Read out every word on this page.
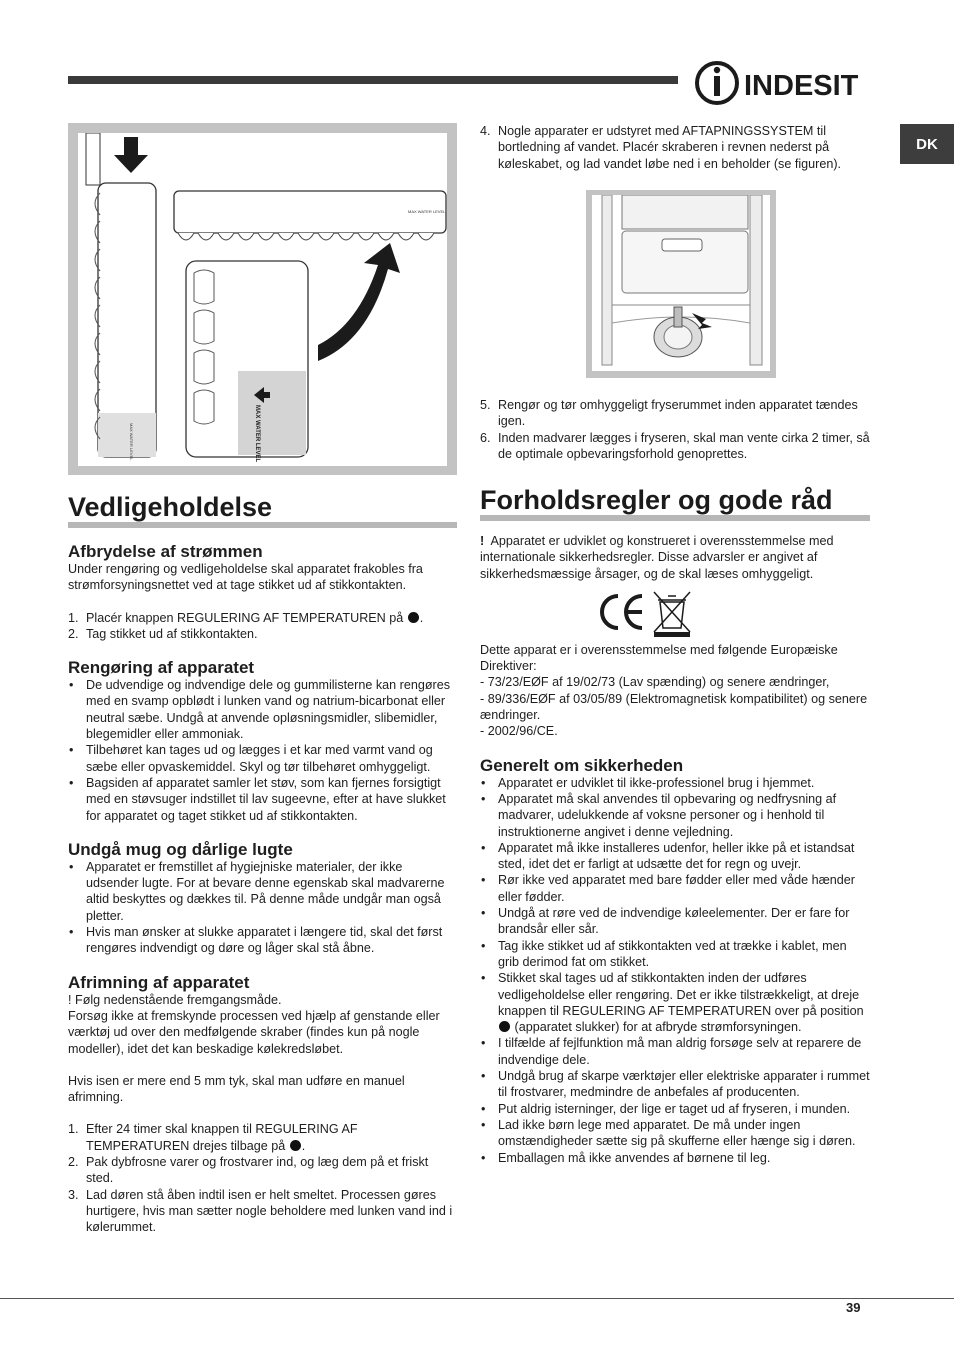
INDESIT
DK
MAX WATER LEVEL
MAX WATER LEVEL
MAX WATER LEVEL
Vedligeholdelse
Afbrydelse af strømmen

Under rengøring og vedligeholdelse skal apparatet frakobles fra strømforsyningsnettet ved at tage stikket ud af stikkontakten.

1. Placér knappen REGULERING AF TEMPERATUREN på .
2. Tag stikket ud af stikkontakten.
Rengøring af apparatet
• De udvendige og indvendige dele og gummilisterne kan rengøres med en svamp opblødt i lunken vand og natrium-bicarbonat eller neutral sæbe. Undgå at anvende opløsningsmidler, slibemidler, blegemidler eller ammoniak.
• Tilbehøret kan tages ud og lægges i et kar med varmt vand og sæbe eller opvaskemiddel. Skyl og tør tilbehøret omhyggeligt.
• Bagsiden af apparatet samler let støv, som kan fjernes forsigtigt med en støvsuger indstillet til lav sugeevne, efter at have slukket for apparatet og taget stikket ud af stikkontakten.
Undgå mug og dårlige lugte
• Apparatet er fremstillet af hygiejniske materialer, der ikke udsender lugte. For at bevare denne egenskab skal madvarerne altid beskyttes og dækkes til. På denne måde undgår man også pletter.
• Hvis man ønsker at slukke apparatet i længere tid, skal det først rengøres indvendigt og døre og låger skal stå åbne.
Afrimning af apparatet

! Følg nedenstående fremgangsmåde.

Forsøg ikke at fremskynde processen ved hjælp af genstande eller værktøj ud over den medfølgende skraber (findes kun på nogle modeller), idet det kan beskadige kølekredsløbet.

Hvis isen er mere end 5 mm tyk, skal man udføre en manuel afrimning.

1. Efter 24 timer skal knappen til REGULERING AF TEMPERATUREN drejes tilbage på .
2. Pak dybfrosne varer og frostvarer ind, og læg dem på et friskt sted.
3. Lad døren stå åben indtil isen er helt smeltet. Processen gøres hurtigere, hvis man sætter nogle beholdere med lunken vand ind i kølerummet.
4. Nogle apparater er udstyret med AFTAPNINGSSYSTEM til bortledning af vandet. Placér skraberen i revnen nederst på køleskabet, og lad vandet løbe ned i en beholder (se figuren).
5. Rengør og tør omhyggeligt fryserummet inden apparatet tændes igen.
6. Inden madvarer lægges i fryseren, skal man vente cirka 2 timer, så de optimale opbevaringsforhold genoprettes.
Forholdsregler og gode råd

! Apparatet er udviklet og konstrueret i overensstemmelse med internationale sikkerhedsregler. Disse advarsler er angivet af sikkerhedsmæssige årsager, og de skal læses omhyggeligt.

Dette apparat er i overensstemmelse med følgende Europæiske Direktiver:

- 73/23/EØF af 19/02/73 (Lav spænding) og senere ændringer,

- 89/336/EØF af 03/05/89 (Elektromagnetisk kompatibilitet) og senere ændringer.

- 2002/96/CE.

Generelt om sikkerheden
• Apparatet er udviklet til ikke-professionel brug i hjemmet.
• Apparatet må skal anvendes til opbevaring og nedfrysning af madvarer, udelukkende af voksne personer og i henhold til instruktionerne angivet i denne vejledning.
• Apparatet må ikke installeres udenfor, heller ikke på et istandsat sted, idet det er farligt at udsætte det for regn og uvejr.
• Rør ikke ved apparatet med bare fødder eller med våde hænder eller fødder.
• Undgå at røre ved de indvendige køleelementer. Der er fare for brandsår eller sår.
• Tag ikke stikket ud af stikkontakten ved at trække i kablet, men grib derimod fat om stikket.
• Stikket skal tages ud af stikkontakten inden der udføres vedligeholdelse eller rengøring. Det er ikke tilstrækkeligt, at dreje knappen til REGULERING AF TEMPERATUREN over på position  (apparatet slukker) for at afbryde strømforsyningen.
• I tilfælde af fejlfunktion må man aldrig forsøge selv at reparere de indvendige dele.
• Undgå brug af skarpe værktøjer eller elektriske apparater i rummet til frostvarer, medmindre de anbefales af producenten.
• Put aldrig isterninger, der lige er taget ud af fryseren, i munden.
• Lad ikke børn lege med apparatet. De må under ingen omstændigheder sætte sig på skufferne eller hænge sig i døren.
• Emballagen må ikke anvendes af børnene til leg.
39
